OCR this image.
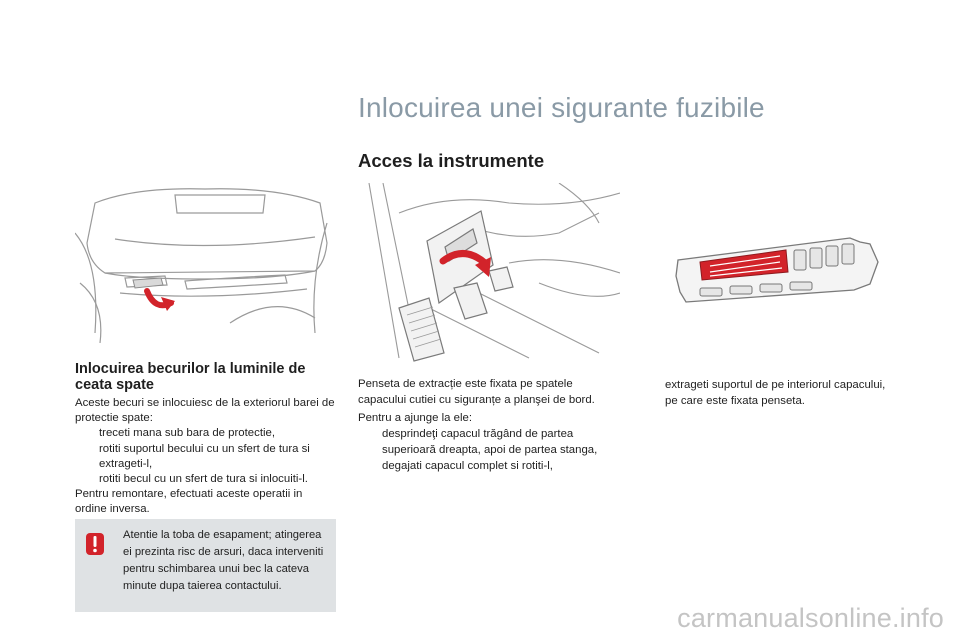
Inlocuirea unei sigurante fuzibile
Acces la instrumente
Inlocuirea becurilor la luminile de ceata spate

Aceste becuri se inlocuiesc de la exteriorul barei de protectie spate:

treceti mana sub bara de protectie,
rotiti suportul becului cu un sfert de tura si extrageti-l,
rotiti becul cu un sfert de tura si inlocuiti-l.

Pentru remontare, efectuati aceste operatii in ordine inversa.

Atentie la toba de esapament; atingerea ei prezinta risc de arsuri, daca interveniti pentru schimbarea unui bec la cateva minute dupa taierea contactului.

Penseta de extracție este fixata pe spatele capacului cutiei cu siguranțe a planşei de bord.

Pentru a ajunge la ele:

desprindeţi capacul trăgând de partea superioară dreapta, apoi de partea stanga,
degajati capacul complet si rotiti-l,
extrageti suportul de pe interiorul capacului, pe care este fixata penseta.
carmanualsonline.info
